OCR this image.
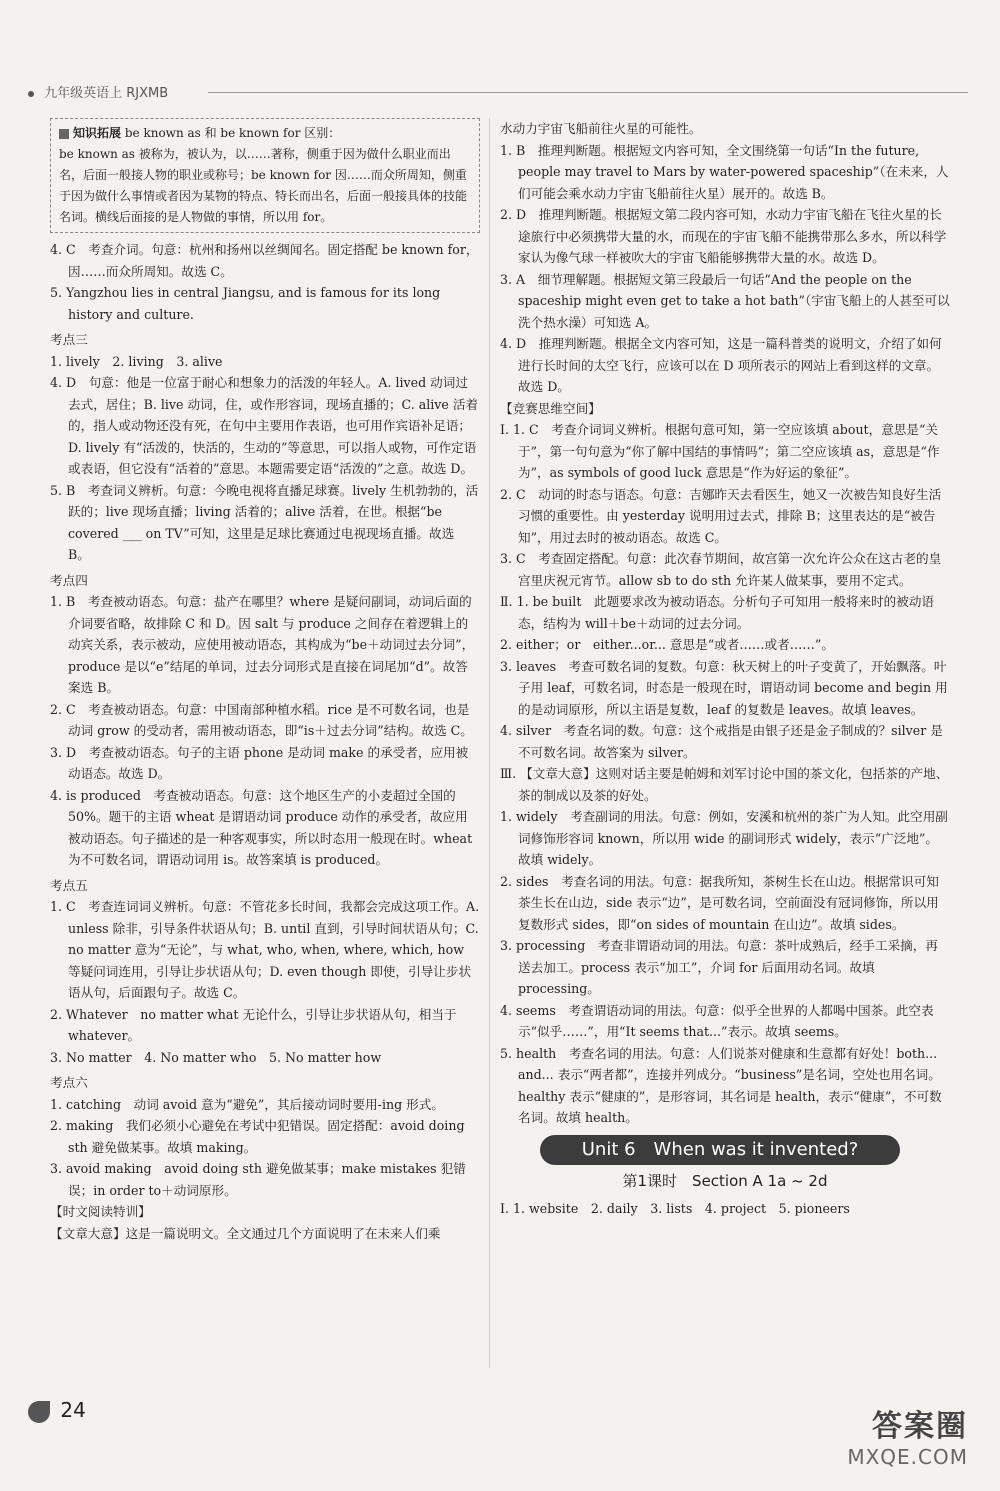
九年级英语上 RJXMB
知识拓展 be known as 和 be known for 区别：
be known as 被称为，被认为，以……著称，侧重于因为做什么职业而出名，后面一般接人物的职业或称号；be known for 因……而众所周知，侧重于因为做什么事情或者因为某物的特点、特长而出名，后面一般接具体的技能名词。横线后面接的是人物做的事情，所以用 for。
4. C　考查介词。句意：杭州和扬州以丝绸闻名。固定搭配 be known for，因……而众所周知。故选 C。
5. Yangzhou lies in central Jiangsu, and is famous for its long history and culture.
考点三
1. lively　2. living　3. alive
4. D　句意：他是一位富于耐心和想象力的活泼的年轻人。A. lived 动词过去式，居住；B. live 动词，住，或作形容词，现场直播的；C. alive 活着的，指人或动物还没有死，在句中主要用作表语，也可用作宾语补足语；D. lively 有“活泼的，快活的，生动的”等意思，可以指人或物，可作定语或表语，但它没有“活着的”意思。本题需要定语“活泼的”之意。故选 D。
5. B　考查词义辨析。句意：今晚电视将直播足球赛。lively 生机勃勃的，活跃的；live 现场直播；living 活着的；alive 活着，在世。根据“be covered ___ on TV”可知，这里是足球比赛通过电视现场直播。故选 B。
考点四
1. B　考查被动语态。句意：盐产在哪里？where 是疑问副词，动词后面的介词要省略，故排除 C 和 D。因 salt 与 produce 之间存在着逻辑上的动宾关系，表示被动，应使用被动语态，其构成为“be＋动词过去分词”，produce 是以“e”结尾的单词，过去分词形式是直接在词尾加“d”。故答案选 B。
2. C　考查被动语态。句意：中国南部种植水稻。rice 是不可数名词，也是动词 grow 的受动者，需用被动语态，即“is＋过去分词”结构。故选 C。
3. D　考查被动语态。句子的主语 phone 是动词 make 的承受者，应用被动语态。故选 D。
4. is produced　考查被动语态。句意：这个地区生产的小麦超过全国的 50%。题干的主语 wheat 是谓语动词 produce 动作的承受者，故应用被动语态。句子描述的是一种客观事实，所以时态用一般现在时。wheat 为不可数名词，谓语动词用 is。故答案填 is produced。
考点五
1. C　考查连词词义辨析。句意：不管花多长时间，我都会完成这项工作。A. unless 除非，引导条件状语从句；B. until 直到，引导时间状语从句；C. no matter 意为“无论”，与 what, who, when, where, which, how 等疑问词连用，引导让步状语从句；D. even though 即使，引导让步状语从句，后面跟句子。故选 C。
2. Whatever　no matter what 无论什么，引导让步状语从句，相当于 whatever。
3. No matter　4. No matter who　5. No matter how
考点六
1. catching　动词 avoid 意为“避免”，其后接动词时要用-ing 形式。
2. making　我们必须小心避免在考试中犯错误。固定搭配：avoid doing sth 避免做某事。故填 making。
3. avoid making　avoid doing sth 避免做某事；make mistakes 犯错误；in order to＋动词原形。
【时文阅读特训】
【文章大意】这是一篇说明文。全文通过几个方面说明了在未来人们乘
水动力宇宙飞船前往火星的可能性。
1. B　推理判断题。根据短文内容可知，全文围绕第一句话“In the future, people may travel to Mars by water-powered spaceship”（在未来，人们可能会乘水动力宇宙飞船前往火星）展开的。故选 B。
2. D　推理判断题。根据短文第二段内容可知，水动力宇宙飞船在飞往火星的长途旅行中必须携带大量的水，而现在的宇宙飞船不能携带那么多水，所以科学家认为像气球一样被吹大的宇宙飞船能够携带大量的水。故选 D。
3. A　细节理解题。根据短文第三段最后一句话“And the people on the spaceship might even get to take a hot bath”（宇宙飞船上的人甚至可以洗个热水澡）可知选 A。
4. D　推理判断题。根据全文内容可知，这是一篇科普类的说明文，介绍了如何进行长时间的太空飞行，应该可以在 D 项所表示的网站上看到这样的文章。故选 D。
【竞赛思维空间】
Ⅰ. 1. C　考查介词词义辨析。根据句意可知，第一空应该填 about，意思是“关于”，第一句句意为“你了解中国结的事情吗”；第二空应该填 as，意思是“作为”，as symbols of good luck 意思是“作为好运的象征”。
2. C　动词的时态与语态。句意：吉娜昨天去看医生，她又一次被告知良好生活习惯的重要性。由 yesterday 说明用过去式，排除 B；这里表达的是“被告知”，用过去时的被动语态。故选 C。
3. C　考查固定搭配。句意：此次春节期间，故宫第一次允许公众在这古老的皇宫里庆祝元宵节。allow sb to do sth 允许某人做某事，要用不定式。
Ⅱ. 1. be built　此题要求改为被动语态。分析句子可知用一般将来时的被动语态，结构为 will＋be＋动词的过去分词。
2. either；or　either...or... 意思是“或者……或者……”。
3. leaves　考查可数名词的复数。句意：秋天树上的叶子变黄了，开始飘落。叶子用 leaf，可数名词，时态是一般现在时，谓语动词 become and begin 用的是动词原形，所以主语是复数，leaf 的复数是 leaves。故填 leaves。
4. silver　考查名词的数。句意：这个戒指是由银子还是金子制成的？silver 是不可数名词。故答案为 silver。
Ⅲ. 【文章大意】这则对话主要是帕姆和刘军讨论中国的茶文化，包括茶的产地、茶的制成以及茶的好处。
1. widely　考查副词的用法。句意：例如，安溪和杭州的茶广为人知。此空用副词修饰形容词 known，所以用 wide 的副词形式 widely，表示“广泛地”。故填 widely。
2. sides　考查名词的用法。句意：据我所知，茶树生长在山边。根据常识可知茶生长在山边，side 表示“边”，是可数名词，空前面没有冠词修饰，所以用复数形式 sides，即“on sides of mountain 在山边”。故填 sides。
3. processing　考查非谓语动词的用法。句意：茶叶成熟后，经手工采摘，再送去加工。process 表示“加工”，介词 for 后面用动名词。故填 processing。
4. seems　考查谓语动词的用法。句意：似乎全世界的人都喝中国茶。此空表示“似乎……”，用“It seems that...”表示。故填 seems。
5. health　考查名词的用法。句意：人们说茶对健康和生意都有好处！both... and... 表示“两者都”，连接并列成分。“business”是名词，空处也用名词。healthy 表示“健康的”，是形容词，其名词是 health，表示“健康”，不可数名词。故填 health。
Unit 6　When was it invented?
第1课时　Section A 1a ~ 2d
Ⅰ. 1. website　2. daily　3. lists　4. project　5. pioneers
24	答案圈
MXQE.COM
